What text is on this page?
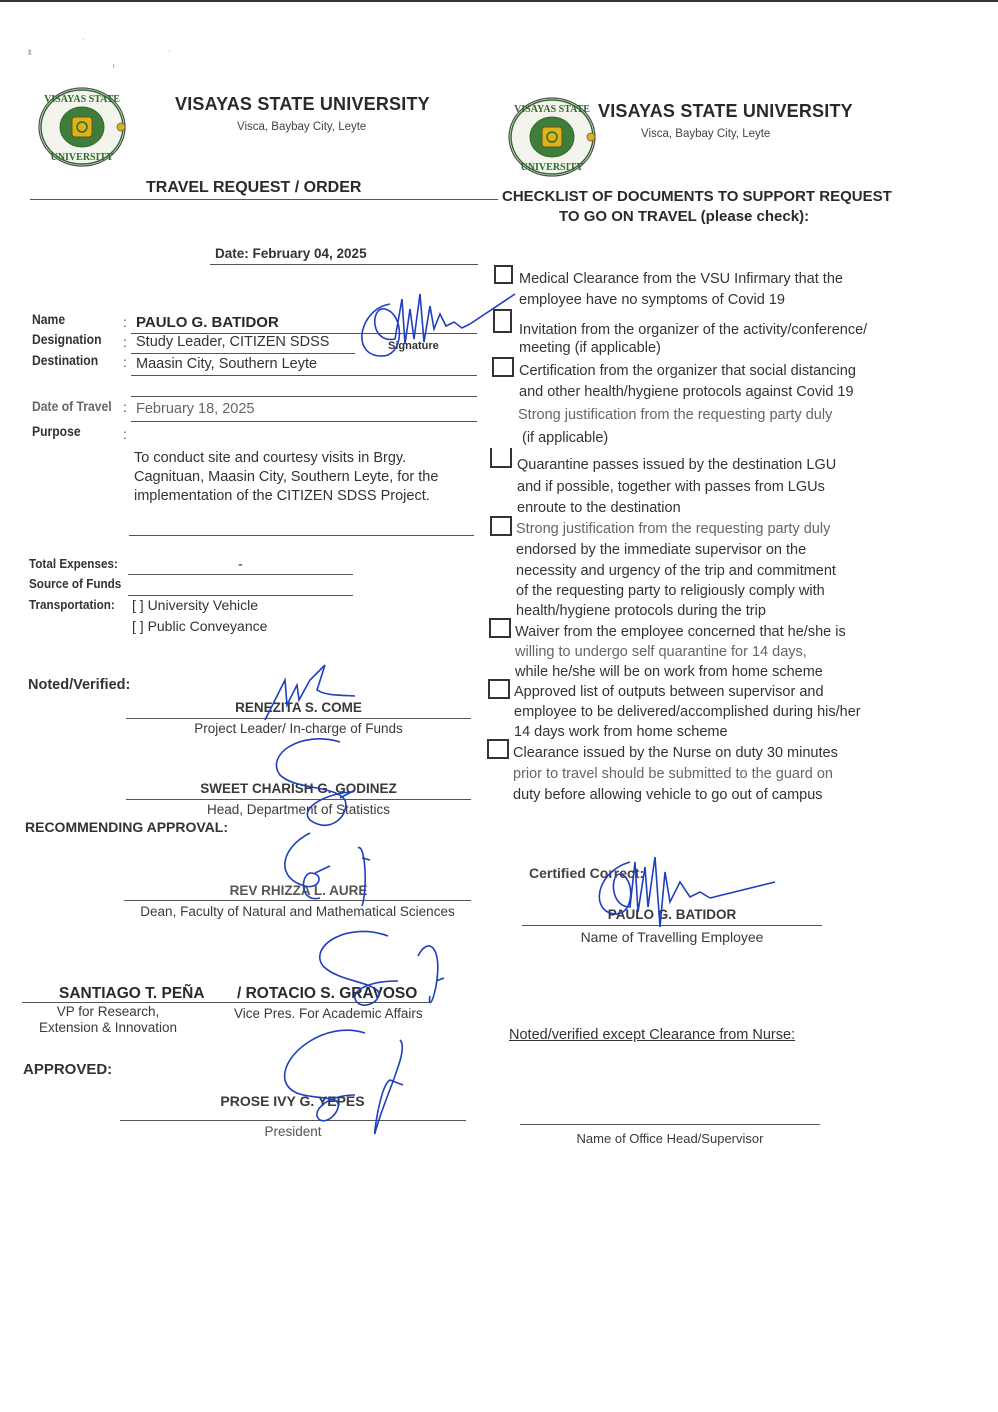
ʬ
·
ι
·
VISAYAS STATE
UNIVERSITY
VISAYAS STATE UNIVERSITY
Visca, Baybay City, Leyte
TRAVEL REQUEST / ORDER
Date: February 04, 2025
Name	: PAULO G. BATIDOR
Designation : Study Leader, CITIZEN SDSS	Signature
Destination : Maasin City, Southern Leyte
Date of Travel : February 18, 2025
Purpose	:
To conduct site and courtesy visits in Brgy.
Cagnituan, Maasin City, Southern Leyte, for the
implementation of the CITIZEN SDSS Project.
Total Expenses:	-
Source of Funds
Transportation: [ ] University Vehicle
[ ] Public Conveyance
Noted/Verified:
RENEZITA S. COME
Project Leader/ In-charge of Funds
SWEET CHARISH G. GODINEZ
Head, Department of Statistics
RECOMMENDING APPROVAL:
REV RHIZZA L. AURE
Dean, Faculty of Natural and Mathematical Sciences
SANTIAGO T. PEÑA / ROTACIO S. GRAVOSO
VP for Research,
Extension & Innovation
Vice Pres. For Academic Affairs
APPROVED:
PROSE IVY G. YEPES
President
VISAYAS STATE
UNIVERSITY
VISAYAS STATE UNIVERSITY
Visca, Baybay City, Leyte
CHECKLIST OF DOCUMENTS TO SUPPORT REQUEST
TO GO ON TRAVEL (please check):
Medical Clearance from the VSU Infirmary that the
employee have no symptoms of Covid 19
Invitation from the organizer of the activity/conference/
meeting (if applicable)
Certification from the organizer that social distancing
and other health/hygiene protocols against Covid 19
Strong justification from the requesting party duly
(if applicable)
Quarantine passes issued by the destination LGU
and if possible, together with passes from LGUs
enroute to the destination
Strong justification from the requesting party duly
endorsed by the immediate supervisor on the
necessity and urgency of the trip and commitment
of the requesting party to religiously comply with
health/hygiene protocols during the trip
Waiver from the employee concerned that he/she is
willing to undergo self quarantine for 14 days,
while he/she will be on work from home scheme
Approved list of outputs between supervisor and
employee to be delivered/accomplished during his/her
14 days work from home scheme
Clearance issued by the Nurse on duty 30 minutes
prior to travel should be submitted to the guard on
duty before allowing vehicle to go out of campus
Certified Correct:
PAULO G. BATIDOR
Name of Travelling Employee
Noted/verified except Clearance from Nurse:
Name of Office Head/Supervisor
